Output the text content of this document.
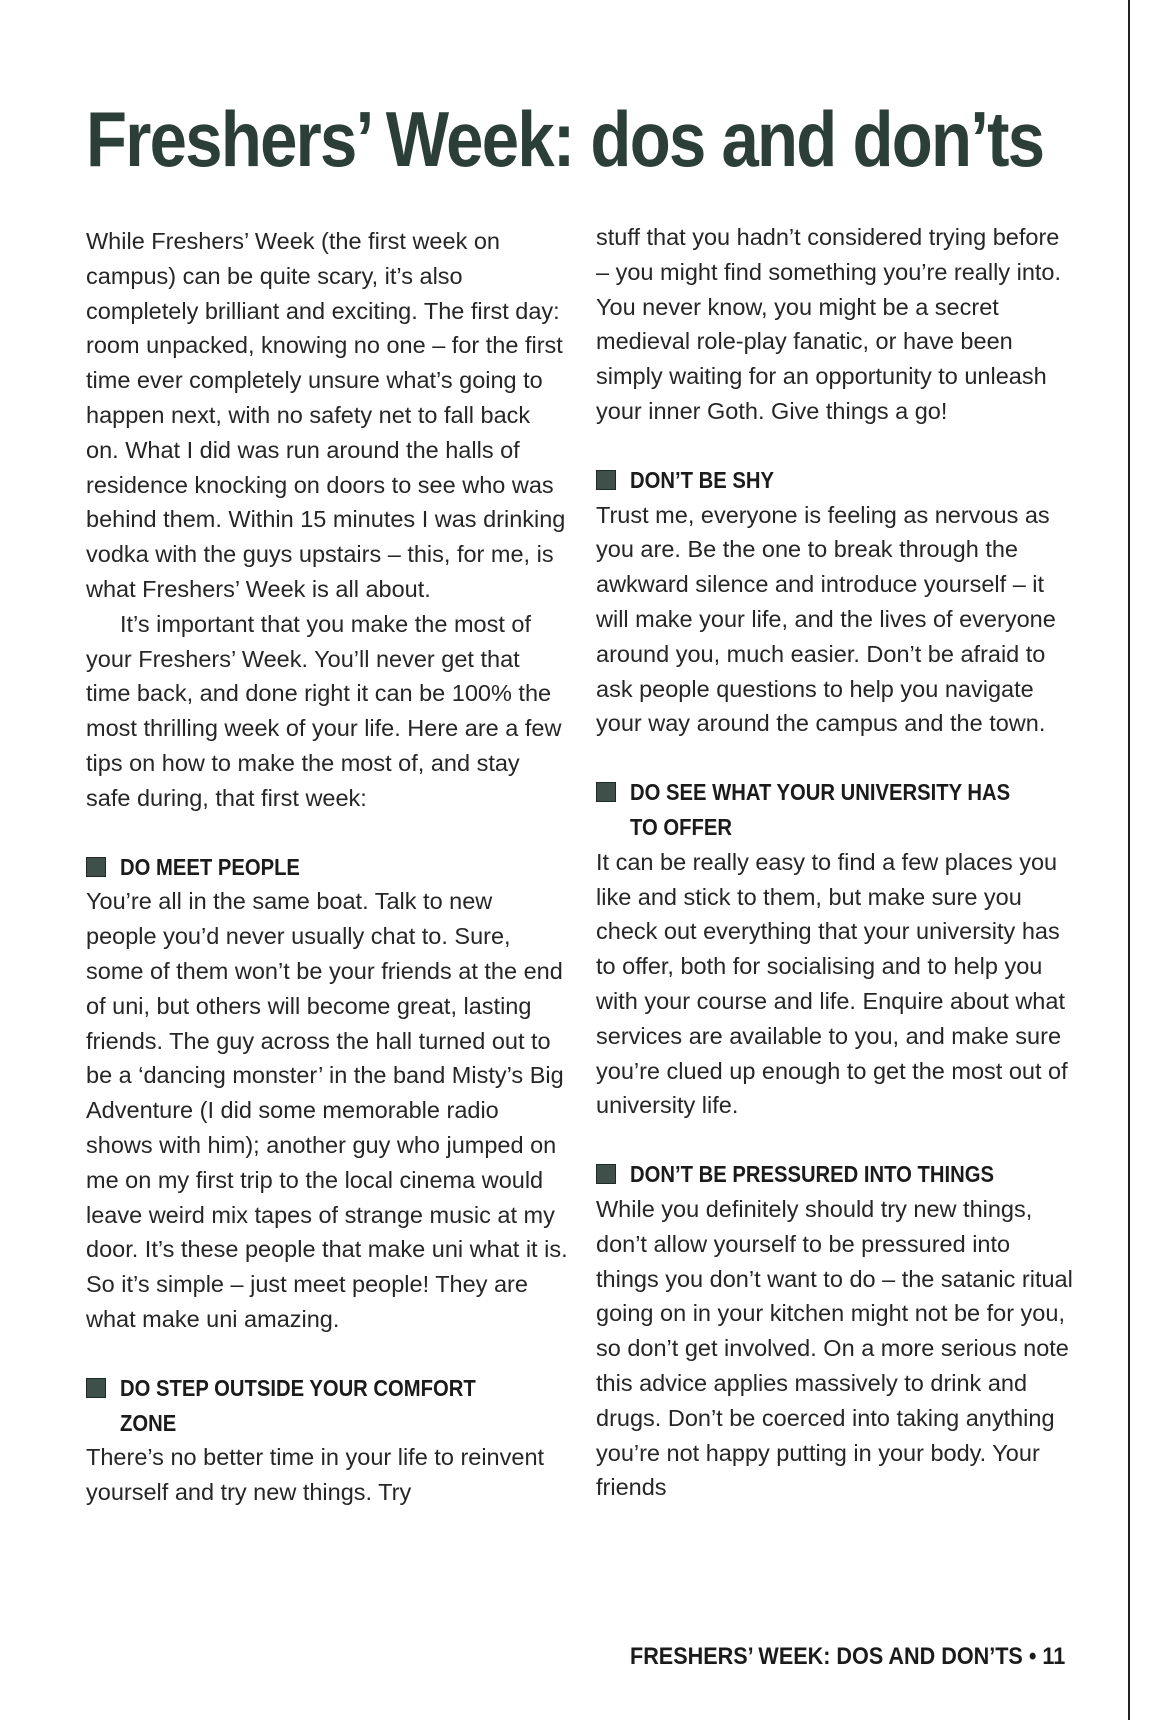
Freshers’ Week: dos and don’ts

While Freshers’ Week (the first week on campus) can be quite scary, it’s also completely brilliant and exciting. The first day: room unpacked, knowing no one – for the first time ever completely unsure what’s going to happen next, with no safety net to fall back on. What I did was run around the halls of residence knocking on doors to see who was behind them. Within 15 minutes I was drinking vodka with the guys upstairs – this, for me, is what Freshers’ Week is all about.

It’s important that you make the most of your Freshers’ Week. You’ll never get that time back, and done right it can be 100% the most thrilling week of your life. Here are a few tips on how to make the most of, and stay safe during, that first week:

DO MEET PEOPLE

You’re all in the same boat. Talk to new people you’d never usually chat to. Sure, some of them won’t be your friends at the end of uni, but others will become great, lasting friends. The guy across the hall turned out to be a ‘dancing monster’ in the band Misty’s Big Adventure (I did some memorable radio shows with him); another guy who jumped on me on my first trip to the local cinema would leave weird mix tapes of strange music at my door. It’s these people that make uni what it is. So it’s simple – just meet people! They are what make uni amazing.

DO STEP OUTSIDE YOUR COMFORT ZONE

There’s no better time in your life to reinvent yourself and try new things. Try

stuff that you hadn’t considered trying before – you might find something you’re really into. You never know, you might be a secret medieval role-play fanatic, or have been simply waiting for an opportunity to unleash your inner Goth. Give things a go!

DON’T BE SHY

Trust me, everyone is feeling as nervous as you are. Be the one to break through the awkward silence and introduce yourself – it will make your life, and the lives of everyone around you, much easier. Don’t be afraid to ask people questions to help you navigate your way around the campus and the town.

DO SEE WHAT YOUR UNIVERSITY HAS TO OFFER

It can be really easy to find a few places you like and stick to them, but make sure you check out everything that your university has to offer, both for socialising and to help you with your course and life. Enquire about what services are available to you, and make sure you’re clued up enough to get the most out of university life.

DON’T BE PRESSURED INTO THINGS

While you definitely should try new things, don’t allow yourself to be pressured into things you don’t want to do – the satanic ritual going on in your kitchen might not be for you, so don’t get involved. On a more serious note this advice applies massively to drink and drugs. Don’t be coerced into taking anything you’re not happy putting in your body. Your friends

FRESHERS’ WEEK: DOS AND DON’TS • 11
